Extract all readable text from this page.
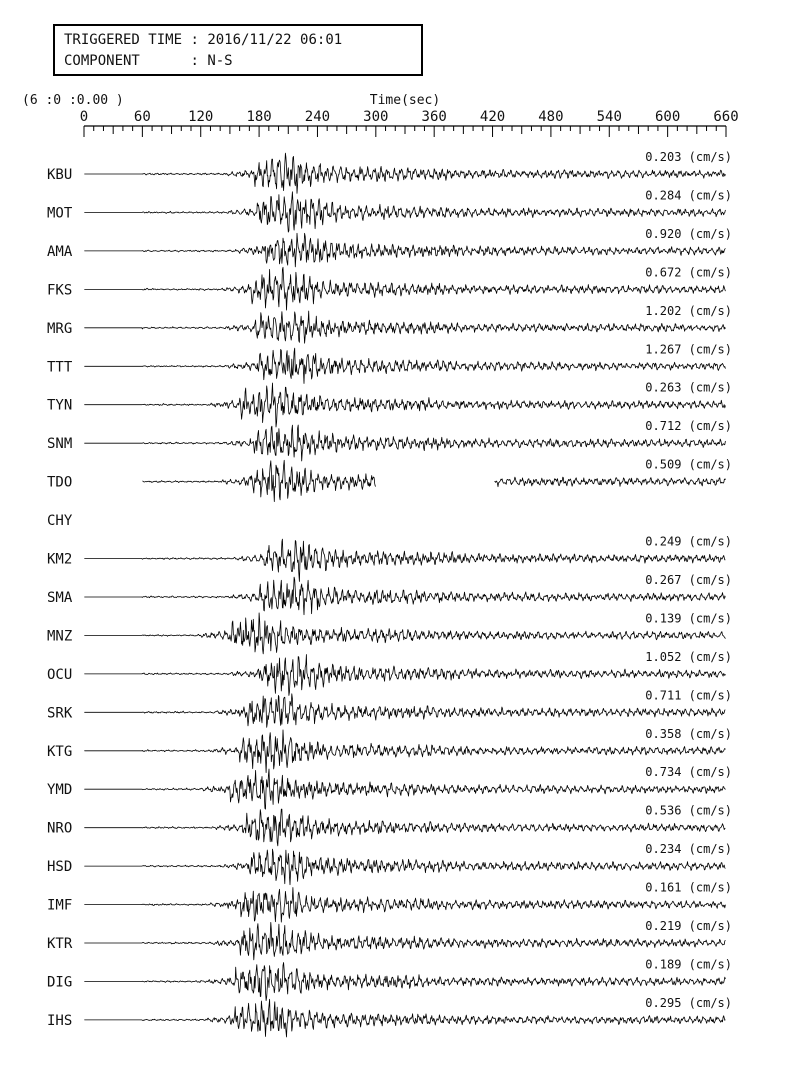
TRIGGERED TIME : 2016/11/22 06:01
COMPONENT	: N-S
(6 :0 :0.00 )	Time(sec)
0	60	120 180 240 300 360 420 480 540 600 660
KBU
0.203 (cm/s)
MOT
0.284 (cm/s)
AMA
0.920 (cm/s)
FKS
0.672 (cm/s)
MRG
1.202 (cm/s)
TTT
1.267 (cm/s)
TYN
0.263 (cm/s)
SNM
0.712 (cm/s)
TDO
0.509 (cm/s)
CHY
KM2
0.249 (cm/s)
SMA
0.267 (cm/s)
MNZ
0.139 (cm/s)
OCU
1.052 (cm/s)
SRK
0.711 (cm/s)
KTG
0.358 (cm/s)
YMD
0.734 (cm/s)
NRO
0.536 (cm/s)
HSD
0.234 (cm/s)
IMF
0.161 (cm/s)
KTR
0.219 (cm/s)
DIG
0.189 (cm/s)
IHS
0.295 (cm/s)
